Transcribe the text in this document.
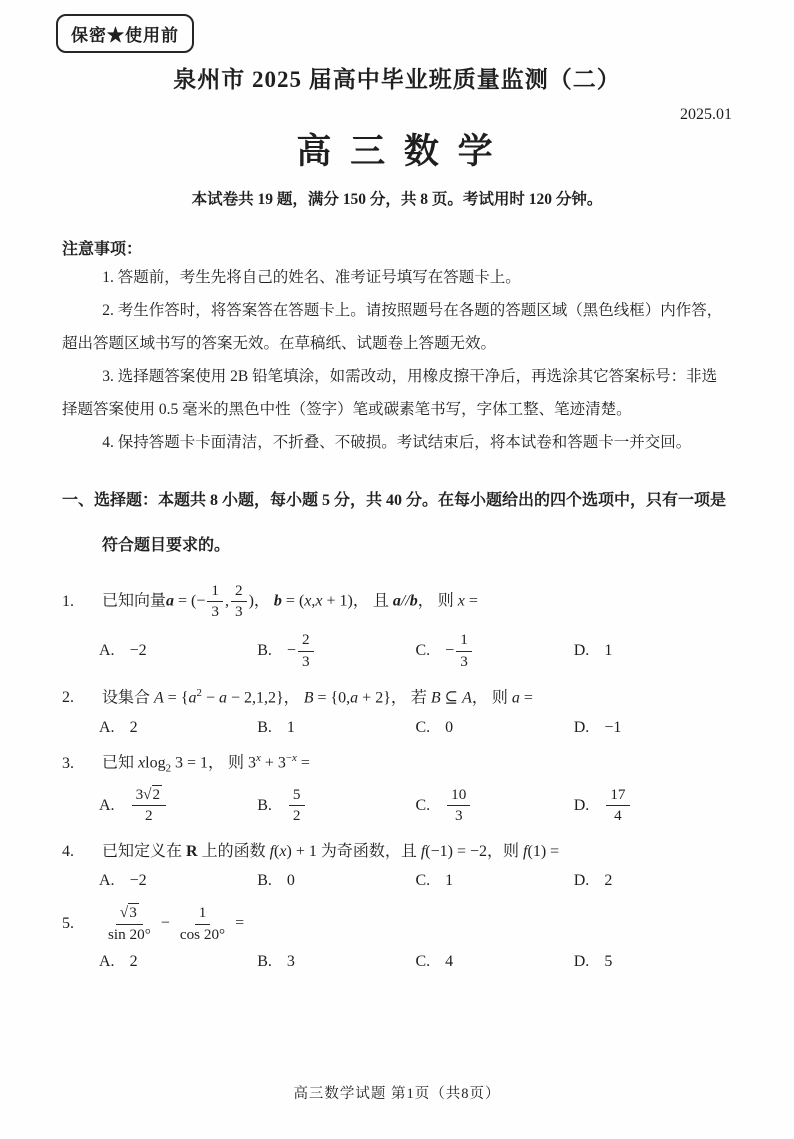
保密★使用前
泉州市 2025 届高中毕业班质量监测（二）
2025.01
高 三 数 学
本试卷共 19 题，满分 150 分，共 8 页。考试用时 120 分钟。
注意事项：

1. 答题前，考生先将自己的姓名、准考证号填写在答题卡上。

2. 考生作答时，将答案答在答题卡上。请按照题号在各题的答题区域（黑色线框）内作答，超出答题区域书写的答案无效。在草稿纸、试题卷上答题无效。

3. 选择题答案使用 2B 铅笔填涂，如需改动，用橡皮擦干净后，再选涂其它答案标号：非选择题答案使用 0.5 毫米的黑色中性（签字）笔或碳素笔书写，字体工整、笔迹清楚。

4. 保持答题卡卡面清洁，不折叠、不破损。考试结束后，将本试卷和答题卡一并交回。

一、选择题：本题共 8 小题，每小题 5 分，共 40 分。在每小题给出的四个选项中，只有一项是符合题目要求的。
1.	已知向量a = (− $\frac{1}{3}$ , $\frac{2}{3}$ )， b = (x,x + 1)， 且 a//b， 则 x =
A. −2	B. − $\frac{2}{3}$	C. − $\frac{1}{3}$	D. 1
2.	设集合 $A = \{a^2 - a - 2,1,2\}$， B = {0,a + 2}， 若 B ⊆ A， 则 a =
A. 2	B. 1	C. 0	D. −1
3.	已知 xlog$_2$ 3 = 1， 则 $3^x + 3^{-x}$ =
A. $\frac{3√2}{2}$	B. $\frac{5}{2}$	C. $\frac{10}{3}$	D. $\frac{17}{4}$
4.	已知定义在 R 上的函数 f(x) + 1 为奇函数，且 f(−1) = −2，则 f(1) =
A. −2	B. 0	C. 1	D. 2
5.	$\frac{√3}{\sin 20^\circ} - \frac{1}{\cos 20^\circ}$ =
A. 2	B. 3	C. 4	D. 5
高三数学试题 第1页（共8页）
